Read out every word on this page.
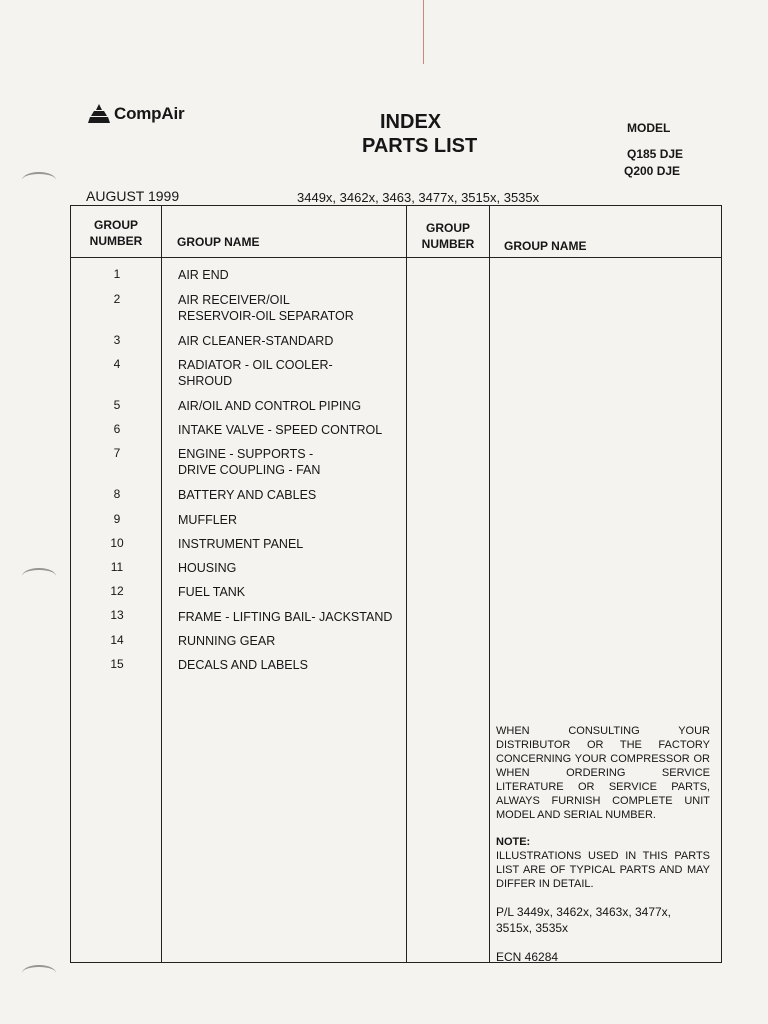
CompAir	INDEX
PARTS LIST
MODEL
Q185 DJE
Q200 DJE
AUGUST 1999	3449x, 3462x, 3463, 3477x, 3515x, 3535x
GROUP
NUMBER	GROUP NAME
GROUP
NUMBER	GROUP NAME
1	AIR END
2	AIR RECEIVER/OIL
RESERVOIR-OIL SEPARATOR
3	AIR CLEANER-STANDARD
4	RADIATOR - OIL COOLER-
SHROUD
5	AIR/OIL AND CONTROL PIPING
6	INTAKE VALVE - SPEED CONTROL
7	ENGINE - SUPPORTS -
DRIVE COUPLING - FAN
8	BATTERY AND CABLES
9	MUFFLER
10	INSTRUMENT PANEL
11	HOUSING
12	FUEL TANK
13	FRAME - LIFTING BAIL- JACKSTAND
14	RUNNING GEAR
15	DECALS AND LABELS
WHEN CONSULTING YOUR DISTRIBUTOR OR THE FACTORY CONCERNING YOUR COMPRESSOR OR WHEN ORDERING SERVICE LITERATURE OR SERVICE PARTS, ALWAYS FURNISH COMPLETE UNIT MODEL AND SERIAL NUMBER.
NOTE:
ILLUSTRATIONS USED IN THIS PARTS LIST ARE OF TYPICAL PARTS AND MAY DIFFER IN DETAIL.
P/L 3449x, 3462x, 3463x, 3477x, 3515x, 3535x
ECN 46284
